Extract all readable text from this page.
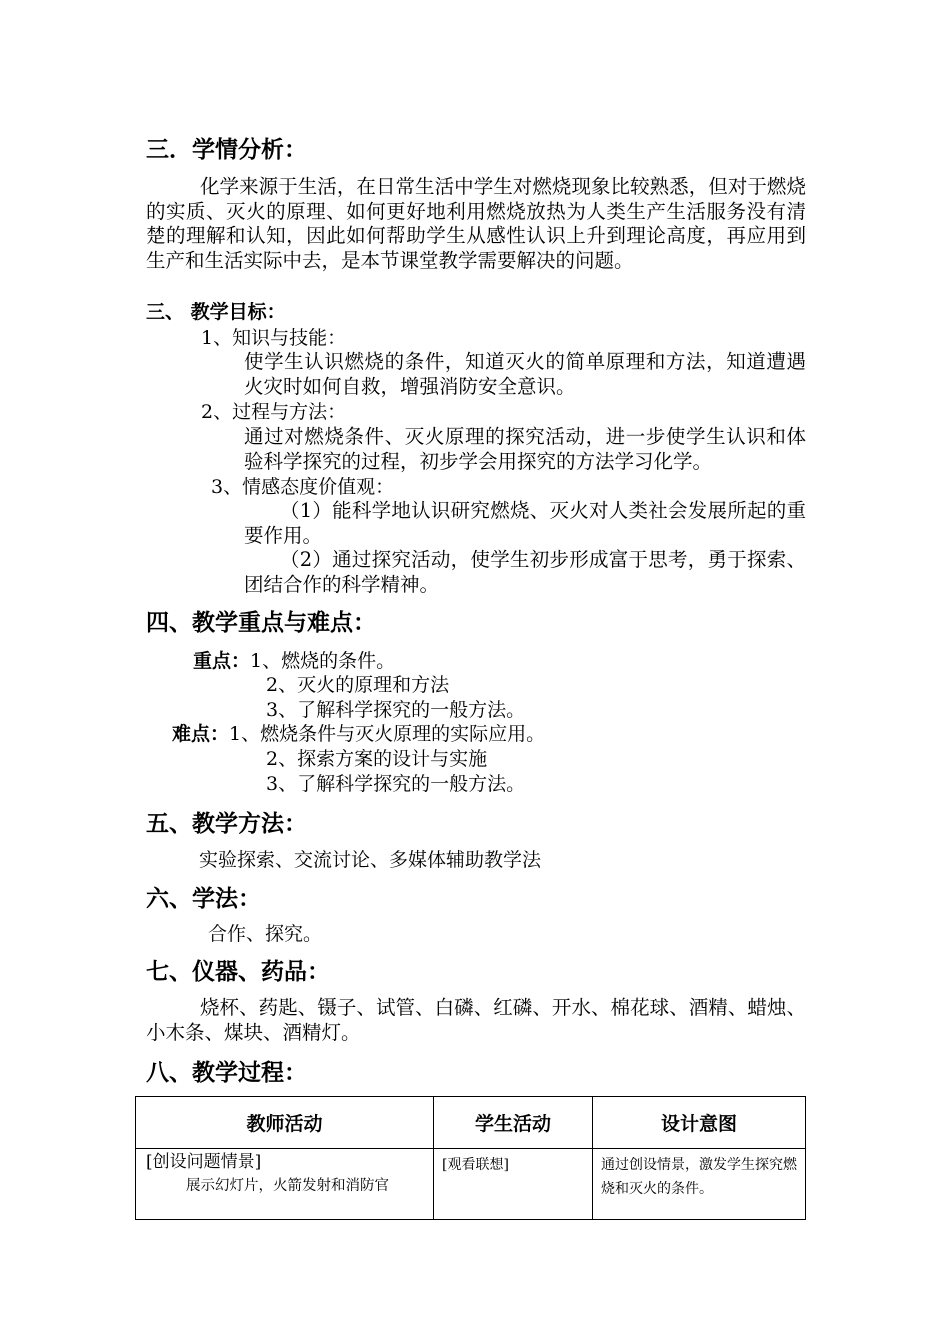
三．学情分析：
化学来源于生活，在日常生活中学生对燃烧现象比较熟悉，但对于燃烧的实质、灭火的原理、如何更好地利用燃烧放热为人类生产生活服务没有清楚的理解和认知，因此如何帮助学生从感性认识上升到理论高度，再应用到生产和生活实际中去，是本节课堂教学需要解决的问题。
三、 教学目标：
1、知识与技能：
使学生认识燃烧的条件，知道灭火的简单原理和方法，知道遭遇火灾时如何自救，增强消防安全意识。
2、过程与方法：
通过对燃烧条件、灭火原理的探究活动，进一步使学生认识和体验科学探究的过程，初步学会用探究的方法学习化学。
3、情感态度价值观：
（1）能科学地认识研究燃烧、灭火对人类社会发展所起的重要作用。
（2）通过探究活动，使学生初步形成富于思考，勇于探索、团结合作的科学精神。
四、教学重点与难点：
重点：1、燃烧的条件。
2、灭火的原理和方法
3、了解科学探究的一般方法。
难点：1、燃烧条件与灭火原理的实际应用。
2、探索方案的设计与实施
3、了解科学探究的一般方法。
五、教学方法：
实验探索、交流讨论、多媒体辅助教学法
六、学法：
合作、探究。
七、仪器、药品：
烧杯、药匙、镊子、试管、白磷、红磷、开水、棉花球、酒精、蜡烛、小木条、煤块、酒精灯。
八、教学过程：
教师活动	学生活动	设计意图

[创设问题情景]
展示幻灯片，火箭发射和消防官	[观看联想]	通过创设情景，激发学生探究燃烧和灭火的条件。
